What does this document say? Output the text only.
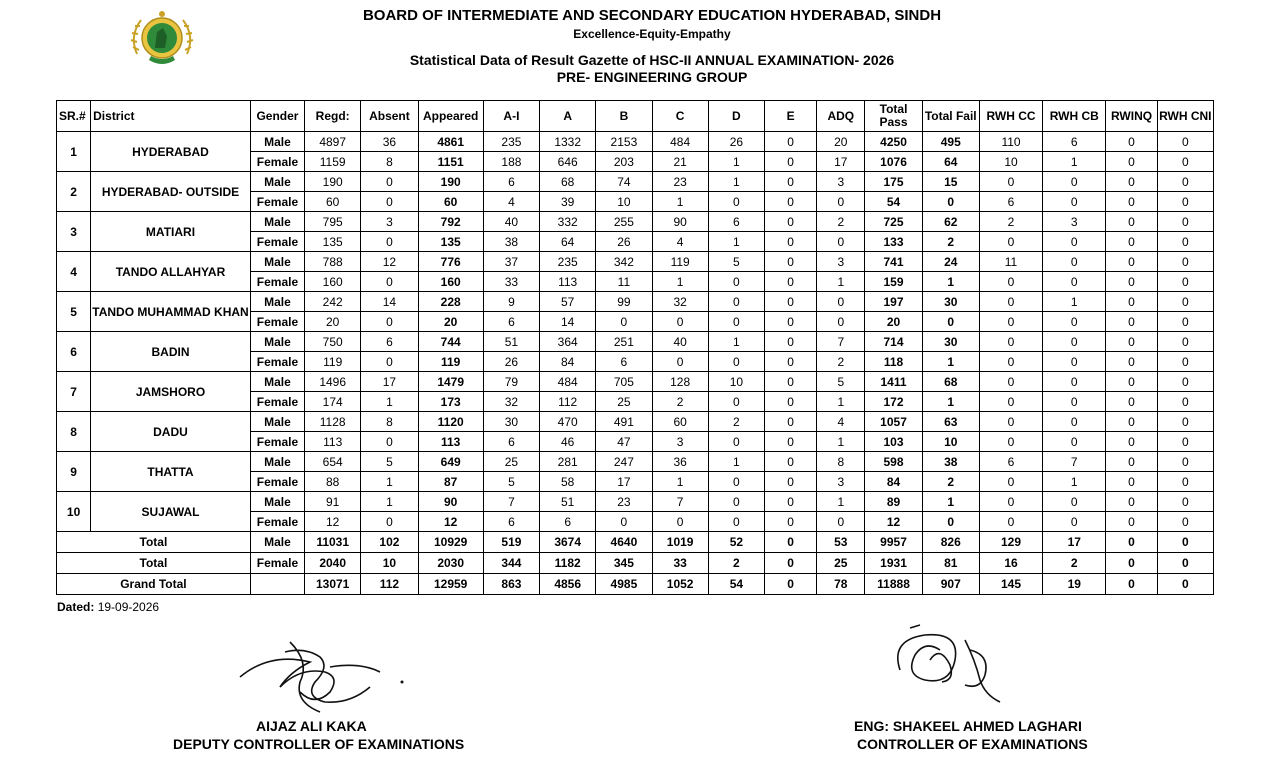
BOARD OF INTERMEDIATE AND SECONDARY EDUCATION HYDERABAD, SINDH
Excellence-Equity-Empathy
Statistical Data of Result Gazette of HSC-II ANNUAL EXAMINATION- 2026
PRE- ENGINEERING GROUP
SR.#	District	Gender	Regd:	Absent	Appeared	A-I	A	B	C	D	E	ADQ	Total Pass	Total Fail	RWH CC	RWH CB	RWINQ	RWH CNI
1	HYDERABAD	Male	4897	36	4861	235	1332	2153	484	26	0	20	4250	495	110	6	0	0
		Female	1159	8	1151	188	646	203	21	1	0	17	1076	64	10	1	0	0
2	HYDERABAD- OUTSIDE	Male	190	0	190	6	68	74	23	1	0	3	175	15	0	0	0	0
		Female	60	0	60	4	39	10	1	0	0	0	54	0	6	0	0	0
3	MATIARI	Male	795	3	792	40	332	255	90	6	0	2	725	62	2	3	0	0
		Female	135	0	135	38	64	26	4	1	0	0	133	2	0	0	0	0
4	TANDO ALLAHYAR	Male	788	12	776	37	235	342	119	5	0	3	741	24	11	0	0	0
		Female	160	0	160	33	113	11	1	0	0	1	159	1	0	0	0	0
5	TANDO MUHAMMAD KHAN	Male	242	14	228	9	57	99	32	0	0	0	197	30	0	1	0	0
		Female	20	0	20	6	14	0	0	0	0	0	20	0	0	0	0	0
6	BADIN	Male	750	6	744	51	364	251	40	1	0	7	714	30	0	0	0	0
		Female	119	0	119	26	84	6	0	0	0	2	118	1	0	0	0	0
7	JAMSHORO	Male	1496	17	1479	79	484	705	128	10	0	5	1411	68	0	0	0	0
		Female	174	1	173	32	112	25	2	0	0	1	172	1	0	0	0	0
8	DADU	Male	1128	8	1120	30	470	491	60	2	0	4	1057	63	0	0	0	0
		Female	113	0	113	6	46	47	3	0	0	1	103	10	0	0	0	0
9	THATTA	Male	654	5	649	25	281	247	36	1	0	8	598	38	6	7	0	0
		Female	88	1	87	5	58	17	1	0	0	3	84	2	0	1	0	0
10	SUJAWAL	Male	91	1	90	7	51	23	7	0	0	1	89	1	0	0	0	0
		Female	12	0	12	6	6	0	0	0	0	0	12	0	0	0	0	0
Total		Male	11031	102	10929	519	3674	4640	1019	52	0	53	9957	826	129	17	0	0
Total		Female	2040	10	2030	344	1182	345	33	2	0	25	1931	81	16	2	0	0
Grand Total			13071	112	12959	863	4856	4985	1052	54	0	78	11888	907	145	19	0	0
Dated: 19-09-2026
AIJAZ ALI KAKA
DEPUTY CONTROLLER OF EXAMINATIONS
ENG: SHAKEEL AHMED LAGHARI
CONTROLLER OF EXAMINATIONS
